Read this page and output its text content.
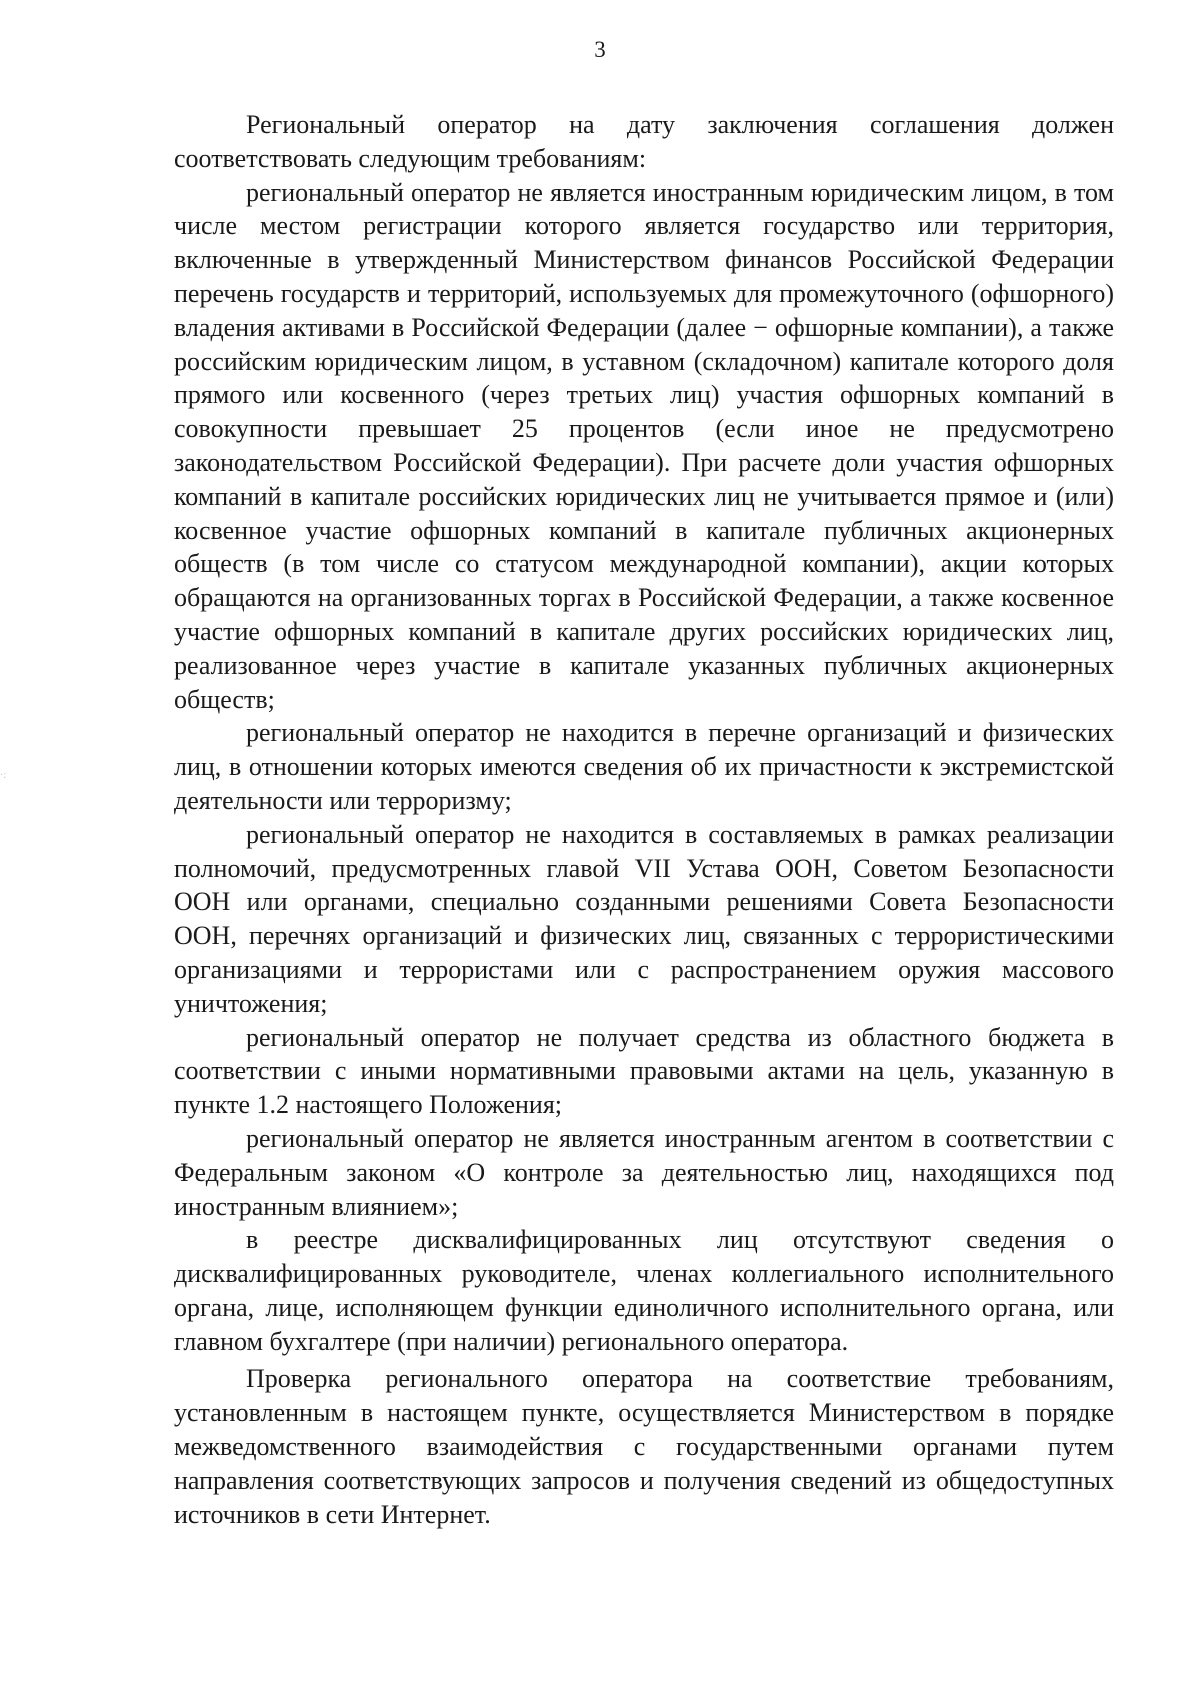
3
·:

Региональный оператор на дату заключения соглашения должен соответствовать следующим требованиям:

региональный оператор не является иностранным юридическим лицом, в том числе местом регистрации которого является государство или территория, включенные в утвержденный Министерством финансов Российской Федерации перечень государств и территорий, используемых для промежуточного (офшорного) владения активами в Российской Федерации (далее − офшорные компании), а также российским юридическим лицом, в уставном (складочном) капитале которого доля прямого или косвенного (через третьих лиц) участия офшорных компаний в совокупности превышает 25 процентов (если иное не предусмотрено законодательством Российской Федерации). При расчете доли участия офшорных компаний в капитале российских юридических лиц не учитывается прямое и (или) косвенное участие офшорных компаний в капитале публичных акционерных обществ (в том числе со статусом международной компании), акции которых обращаются на организованных торгах в Российской Федерации, а также косвенное участие офшорных компаний в капитале других российских юридических лиц, реализованное через участие в капитале указанных публичных акционерных обществ;

региональный оператор не находится в перечне организаций и физических лиц, в отношении которых имеются сведения об их причастности к экстремистской деятельности или терроризму;

региональный оператор не находится в составляемых в рамках реализации полномочий, предусмотренных главой VII Устава ООН, Советом Безопасности ООН или органами, специально созданными решениями Совета Безопасности ООН, перечнях организаций и физических лиц, связанных с террористическими организациями и террористами или с распространением оружия массового уничтожения;

региональный оператор не получает средства из областного бюджета в соответствии с иными нормативными правовыми актами на цель, указанную в пункте 1.2 настоящего Положения;

региональный оператор не является иностранным агентом в соответствии с Федеральным законом «О контроле за деятельностью лиц, находящихся под иностранным влиянием»;

в реестре дисквалифицированных лиц отсутствуют сведения о дисквалифицированных руководителе, членах коллегиального исполнительного органа, лице, исполняющем функции единоличного исполнительного органа, или главном бухгалтере (при наличии) регионального оператора.

Проверка регионального оператора на соответствие требованиям, установленным в настоящем пункте, осуществляется Министерством в порядке межведомственного взаимодействия с государственными органами путем направления соответствующих запросов и получения сведений из общедоступных источников в сети Интернет.
